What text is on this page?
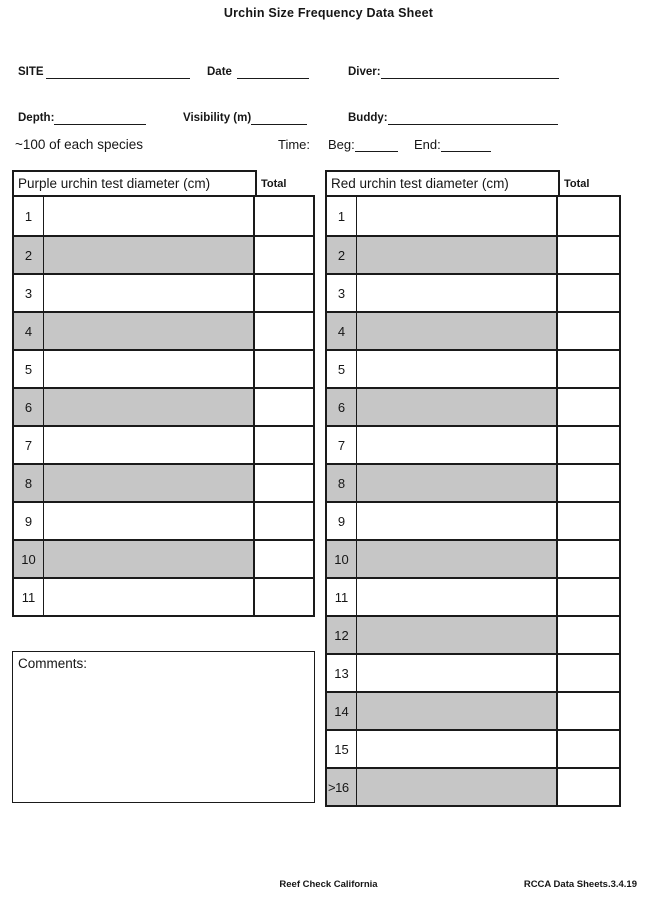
Urchin Size Frequency Data Sheet
SITE	Date	Diver:
Depth:	Visibility (m)	Buddy:
~100 of each species	Time: Beg:	End:
Purple urchin test diameter (cm)	Total
1
2
3
4
5
6
7
8
9
10
11
Red urchin test diameter (cm)	Total
1
2
3
4
5
6
7
8
9
10
11
12
13
14
15
>16
Comments:
Reef Check California	RCCA Data Sheets.3.4.19
